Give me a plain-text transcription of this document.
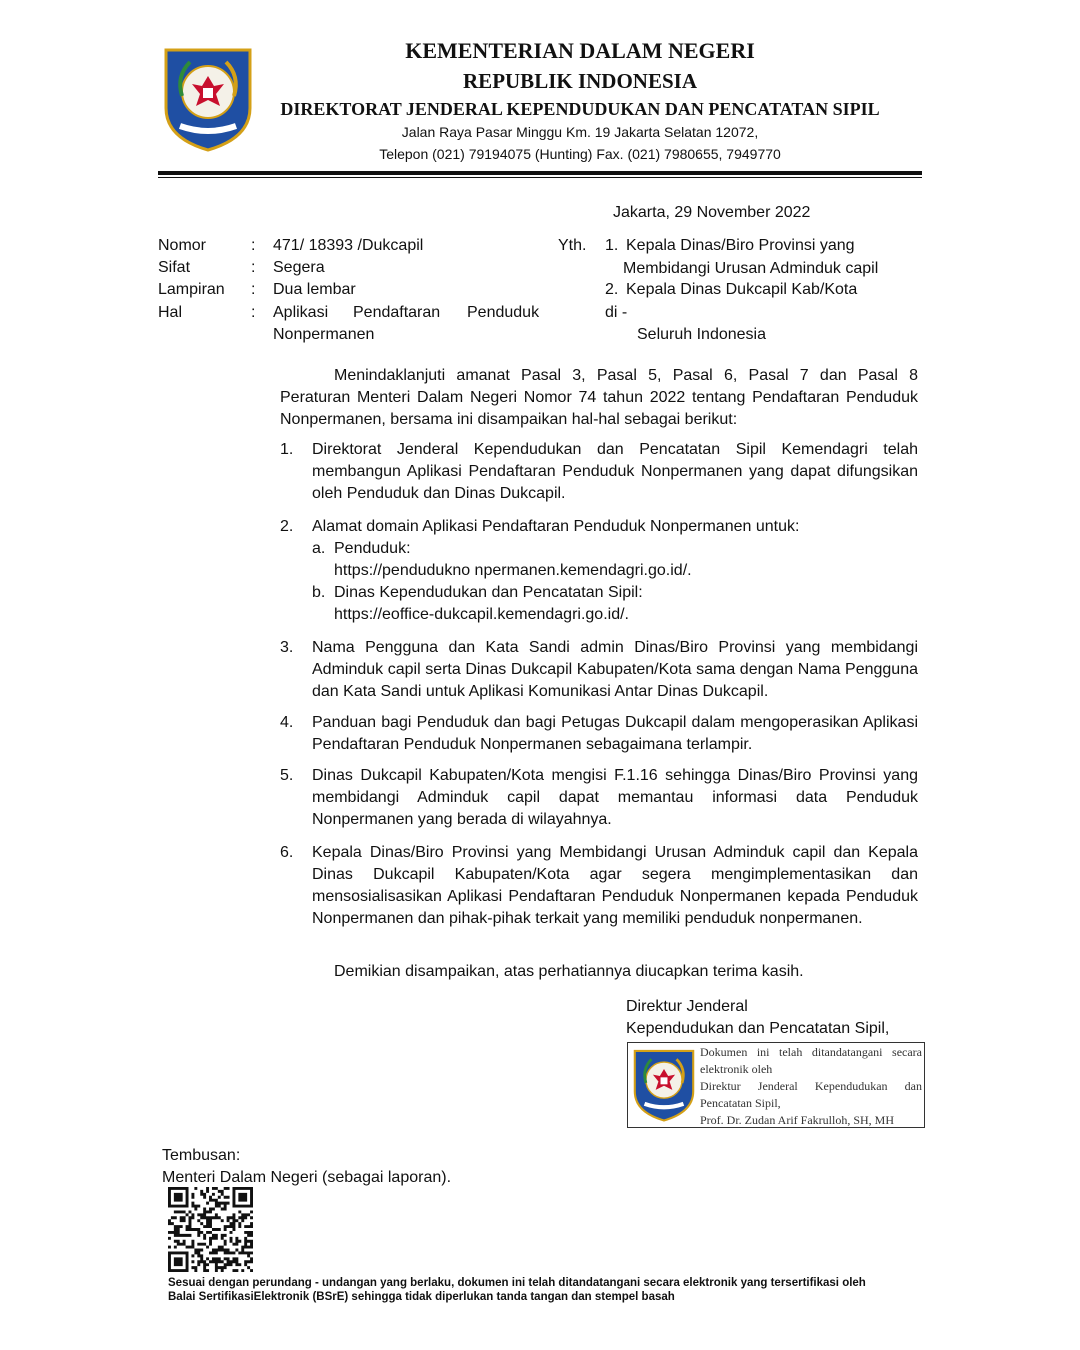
KEMENTERIAN DALAM NEGERI
REPUBLIK INDONESIA
DIREKTORAT JENDERAL KEPENDUDUKAN DAN PENCATATAN SIPIL
Jalan Raya Pasar Minggu Km. 19 Jakarta Selatan 12072,
Telepon (021) 79194075 (Hunting) Fax. (021) 7980655, 7949770
Jakarta, 29 November 2022
Nomor	: 471/ 18393 /Dukcapil
Sifat	: Segera
Lampiran : Dua lembar
Hal	: Aplikasi Pendaftaran Penduduk
Nonpermanen
Yth. 1. Kepala Dinas/Biro Provinsi yang
Membidangi Urusan Adminduk capil
2. Kepala Dinas Dukcapil Kab/Kota
di -
Seluruh Indonesia
Menindaklanjuti amanat Pasal 3, Pasal 5, Pasal 6, Pasal 7 dan Pasal 8
Peraturan Menteri Dalam Negeri Nomor 74 tahun 2022 tentang Pendaftaran Penduduk
Nonpermanen, bersama ini disampaikan hal-hal sebagai berikut:
1. Direktorat Jenderal Kependudukan dan Pencatatan Sipil Kemendagri telah membangun Aplikasi Pendaftaran Penduduk Nonpermanen yang dapat difungsikan oleh Penduduk dan Dinas Dukcapil.
2. Alamat domain Aplikasi Pendaftaran Penduduk Nonpermanen untuk:
a. Penduduk:
https://pendudukno npermanen.kemendagri.go.id/.
b. Dinas Kependudukan dan Pencatatan Sipil:
https://eoffice-dukcapil.kemendagri.go.id/.
3. Nama Pengguna dan Kata Sandi admin Dinas/Biro Provinsi yang membidangi Adminduk capil serta Dinas Dukcapil Kabupaten/Kota sama dengan Nama Pengguna dan Kata Sandi untuk Aplikasi Komunikasi Antar Dinas Dukcapil.
4. Panduan bagi Penduduk dan bagi Petugas Dukcapil dalam mengoperasikan Aplikasi Pendaftaran Penduduk Nonpermanen sebagaimana terlampir.
5. Dinas Dukcapil Kabupaten/Kota mengisi F.1.16 sehingga Dinas/Biro Provinsi yang membidangi Adminduk capil dapat memantau informasi data Penduduk Nonpermanen yang berada di wilayahnya.
6. Kepala Dinas/Biro Provinsi yang Membidangi Urusan Adminduk capil dan Kepala Dinas Dukcapil Kabupaten/Kota agar segera mengimplementasikan dan mensosialisasikan Aplikasi Pendaftaran Penduduk Nonpermanen kepada Penduduk Nonpermanen dan pihak-pihak terkait yang memiliki penduduk nonpermanen.
Demikian disampaikan, atas perhatiannya diucapkan terima kasih.
Direktur Jenderal
Kependudukan dan Pencatatan Sipil,
Dokumen ini telah ditandatangani secara
elektronik oleh
Direktur Jenderal Kependudukan dan
Pencatatan Sipil,
Prof. Dr. Zudan Arif Fakrulloh, SH, MH
Tembusan:
Menteri Dalam Negeri (sebagai laporan).
Sesuai dengan perundang - undangan yang berlaku, dokumen ini telah ditandatangani secara elektronik yang tersertifikasi oleh
Balai SertifikasiElektronik (BSrE) sehingga tidak diperlukan tanda tangan dan stempel basah
